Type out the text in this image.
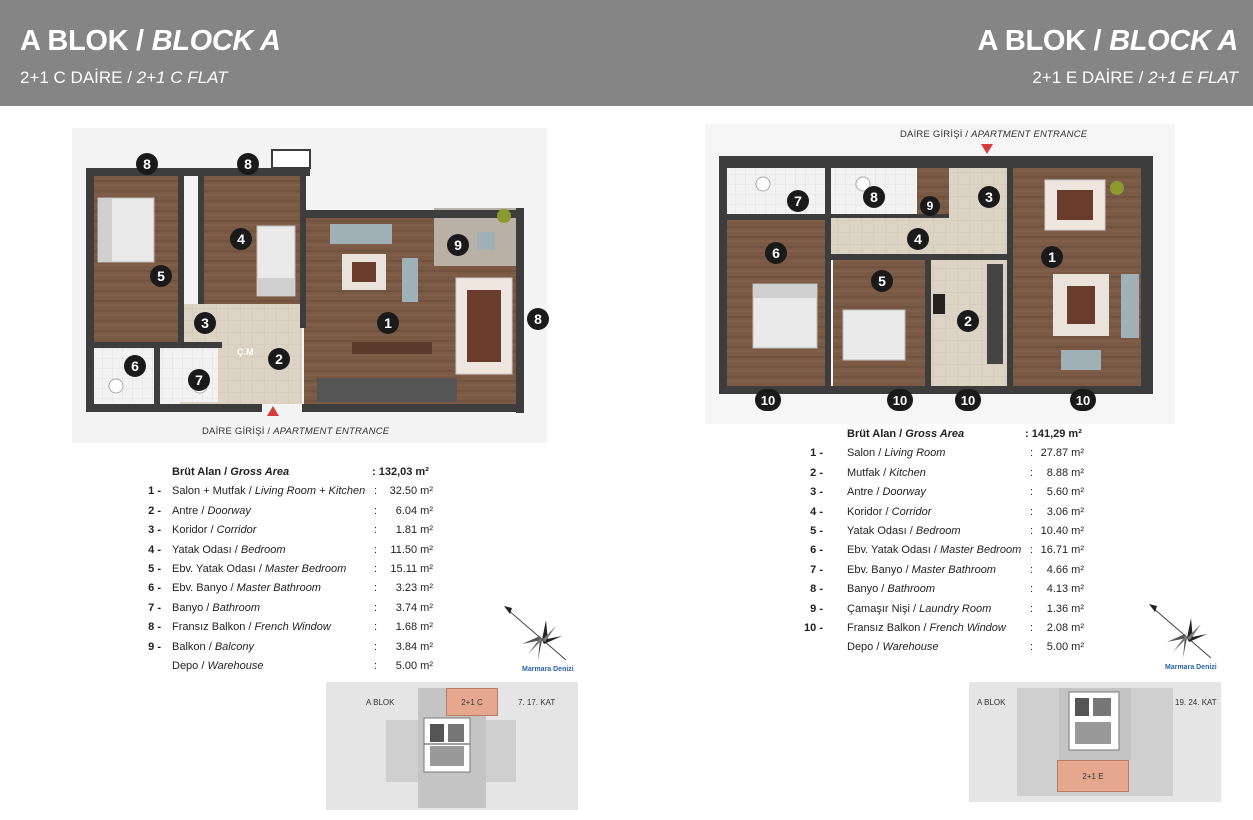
A BLOK / BLOCK A
2+1 C DAİRE / 2+1 C FLAT
A BLOK / BLOCK A
2+1 E DAİRE / 2+1 E FLAT
8	8
4	9
5
3	1	8
2
6
7
Ç.M
DAİRE GİRİŞİ / APARTMENT ENTRANCE
7	8
9
3
4
6	1
5
2
10	10	10	10
DAİRE GİRİŞİ / APARTMENT ENTRANCE
Brüt Alan / Gross Area	: 132,03 m²
1 - Salon + Mutfak / Living Room + Kitchen :	32.50 m²
2 - Antre / Doorway	:	6.04 m²
3 - Koridor / Corridor	:	1.81 m²
4 - Yatak Odası / Bedroom	:	11.50 m²
5 - Ebv. Yatak Odası / Master Bedroom	:	15.11 m²
6 - Ebv. Banyo / Master Bathroom	:	3.23 m²
7 - Banyo / Bathroom	:	3.74 m²
8 - Fransız Balkon / French Window	:	1.68 m²
9 - Balkon / Balcony	:	3.84 m²
Depo / Warehouse	:	5.00 m²
Brüt Alan / Gross Area	: 141,29 m²
1 - Salon / Living Room	: 27.87 m²
2 - Mutfak / Kitchen	:	8.88 m²
3 - Antre / Doorway	:	5.60 m²
4 - Koridor / Corridor	:	3.06 m²
5 - Yatak Odası / Bedroom	: 10.40 m²
6 - Ebv. Yatak Odası / Master Bedroom : 16.71 m²
7 - Ebv. Banyo / Master Bathroom	:	4.66 m²
8 - Banyo / Bathroom	:	4.13 m²
9 - Çamaşır Nişi / Laundry Room	:	1.36 m²
10 - Fransız Balkon / French Window :	2.08 m²
Depo / Warehouse	:	5.00 m²
Marmara Denizi	Marmara Denizi
A BLOK	2+1 C	7. 17. KAT	A BLOK
2+1 E
19. 24. KAT
